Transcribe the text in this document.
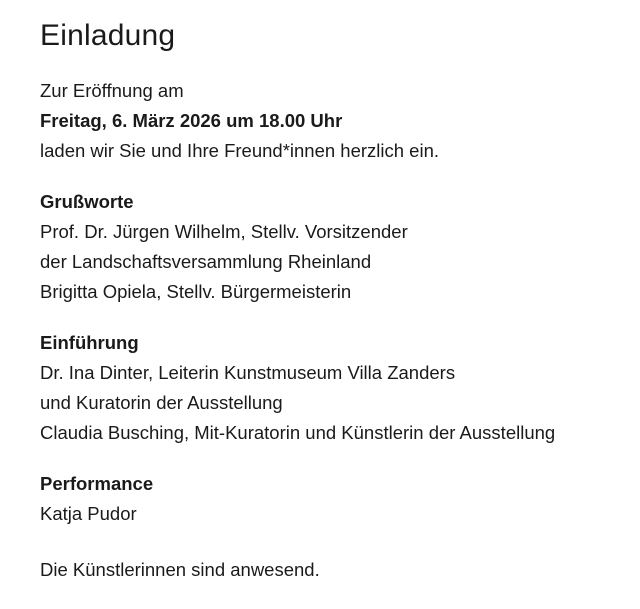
Einladung
Zur Eröffnung am
Freitag, 6. März 2026 um 18.00 Uhr
laden wir Sie und Ihre Freund*innen herzlich ein.
Grußworte
Prof. Dr. Jürgen Wilhelm, Stellv. Vorsitzender
der Landschaftsversammlung Rheinland
Brigitta Opiela, Stellv. Bürgermeisterin
Einführung
Dr. Ina Dinter, Leiterin Kunstmuseum Villa Zanders
und Kuratorin der Ausstellung
Claudia Busching, Mit-Kuratorin und Künstlerin der Ausstellung
Performance
Katja Pudor
Die Künstlerinnen sind anwesend.
